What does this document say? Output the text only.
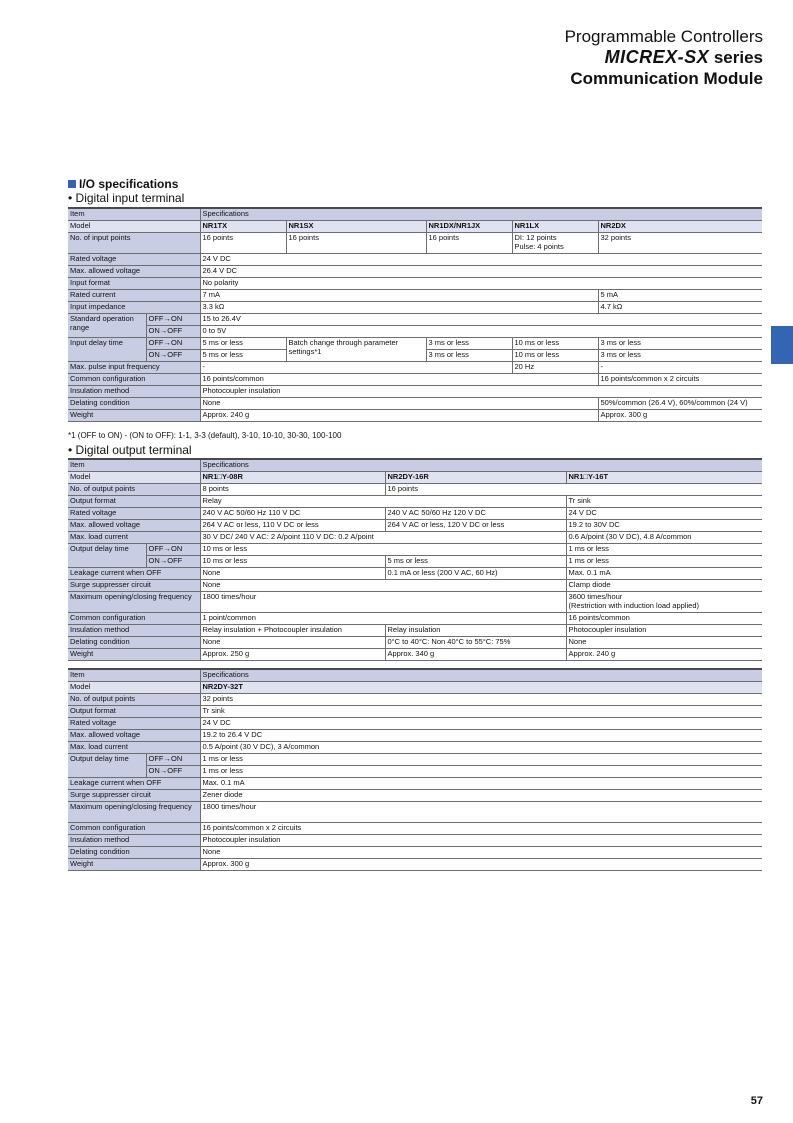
Programmable Controllers
MICREX-SX series
Communication Module
I/O specifications
• Digital input terminal
Item		Specifications				
Model		NR1TX	NR1SX	NR1DX/NR1JX	NR1LX	NR2DX
No. of input points		16 points	16 points	16 points	DI: 12 points
Pulse: 4 points	32 points
Rated voltage		24 V DC				
Max. allowed voltage		26.4 V DC				
Input format		No polarity				
Rated current		7 mA				5 mA
Input impedance		3.3 kΩ				4.7 kΩ
Standard operation range	OFF→ON	15 to 26.4V				
	ON→OFF	0 to 5V				
Input delay time	OFF→ON	5 ms or less	Batch change through parameter settings*1	3 ms or less	10 ms or less	3 ms or less
	ON→OFF	5 ms or less		3 ms or less	10 ms or less	3 ms or less
Max. pulse input frequency		-			20 Hz	-
Common configuration		16 points/common				16 points/common x 2 circuits
Insulation method		Photocoupler insulation				
Delating condition		None				50%/common (26.4 V), 60%/common (24 V)
Weight		Approx. 240 g				Approx. 300 g
*1 (OFF to ON) - (ON to OFF): 1-1, 3-3 (default), 3-10, 10-10, 30-30, 100-100
• Digital output terminal
Item		Specifications		
Model		NR1□Y-08R	NR2DY-16R	NR1□Y-16T
No. of output points		8 points	16 points	
Output format		Relay		Tr sink
Rated voltage		240 V AC 50/60 Hz 110 V DC	240 V AC 50/60 Hz 120 V DC	24 V DC
Max. allowed voltage		264 V AC or less, 110 V DC or less	264 V AC or less, 120 V DC or less	19.2 to 30V DC
Max. load current		30 V DC/ 240 V AC: 2 A/point 110 V DC: 0.2 A/point		0.6 A/point (30 V DC), 4.8 A/common
Output delay time	OFF→ON	10 ms or less		1 ms or less
	ON→OFF	10 ms or less	5 ms or less	1 ms or less
Leakage current when OFF		None	0.1 mA or less (200 V AC, 60 Hz)	Max. 0.1 mA
Surge suppresser circuit		None		Clamp diode
Maximum opening/closing frequency		1800 times/hour		3600 times/hour
(Restriction with induction load applied)

Common configuration		1 point/common		16 points/common
Insulation method		Relay insulation + Photocoupler insulation	Relay insulation	Photocoupler insulation
Delating condition		None	0°C to 40°C: Non 40°C to 55°C: 75%	None
Weight		Approx. 250 g	Approx. 340 g	Approx. 240 g
Item		Specifications
Model		NR2DY-32T
No. of output points		32 points
Output format		Tr sink
Rated voltage		24 V DC
Max. allowed voltage		19.2 to 26.4 V DC
Max. load current		0.5 A/point (30 V DC), 3 A/common
Output delay time	OFF→ON	1 ms or less
	ON→OFF	1 ms or less
Leakage current when OFF		Max. 0.1 mA
Surge suppresser circuit		Zener diode
Maximum opening/closing frequency		1800 times/hour
Common configuration		16 points/common x 2 circuits
Insulation method		Photocoupler insulation
Delating condition		None
Weight		Approx. 300 g
57
